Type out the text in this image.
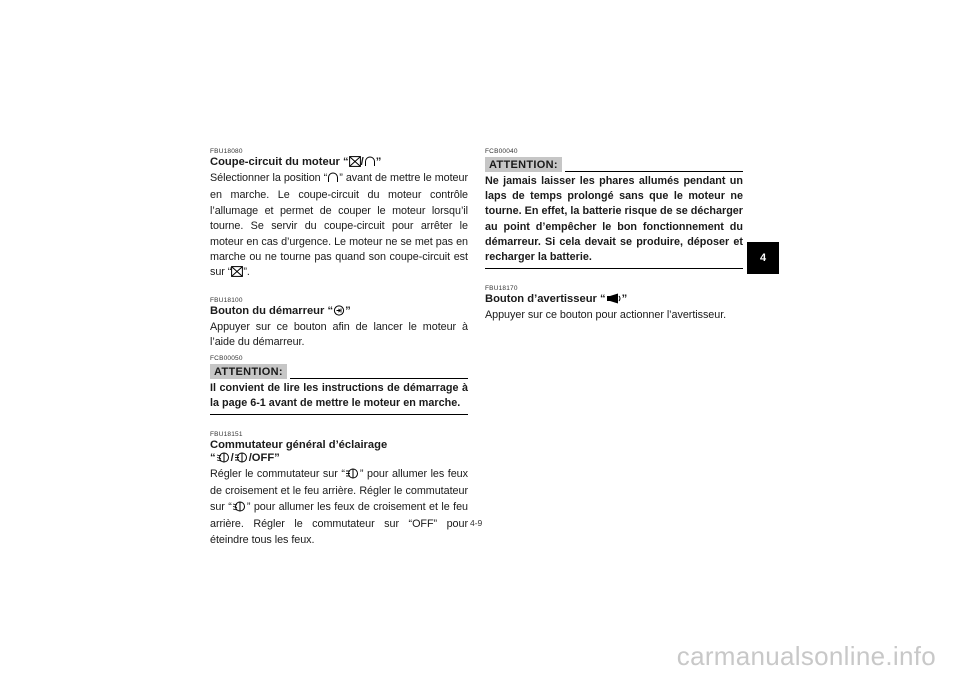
FBU18080

Coupe-circuit du moteur “ / ”

Sélectionner la position “ ” avant de mettre le moteur en marche. Le coupe-circuit du moteur contrôle l’allumage et permet de couper le moteur lorsqu’il tourne. Se servir du coupe-circuit pour arrêter le moteur en cas d’urgence. Le moteur ne se met pas en marche ou ne tourne pas quand son coupe-circuit est sur “ ”.

FBU18100

Bouton du démarreur “ ”

Appuyer sur ce bouton afin de lancer le moteur à l’aide du démarreur.

FCB00050
ATTENTION:

Il convient de lire les instructions de démarrage à la page 6-1 avant de mettre le moteur en marche.

FBU18151

Commutateur général d’éclairage

“ / /OFF”

Régler le commutateur sur “ ” pour allumer les feux de croisement et le feu arrière. Régler le commutateur sur “ ” pour allumer les feux de croisement et le feu arrière. Régler le commutateur sur “OFF” pour éteindre tous les feux.

FCB00040
ATTENTION:

Ne jamais laisser les phares allumés pendant un laps de temps prolongé sans que le moteur ne tourne. En effet, la batterie risque de se décharger au point d’empêcher le bon fonctionnement du démarreur. Si cela devait se produire, déposer et recharger la batterie.

FBU18170

Bouton d’avertisseur “ ”

Appuyer sur ce bouton pour actionner l’avertisseur.

4
4-9
carmanualsonline.info
